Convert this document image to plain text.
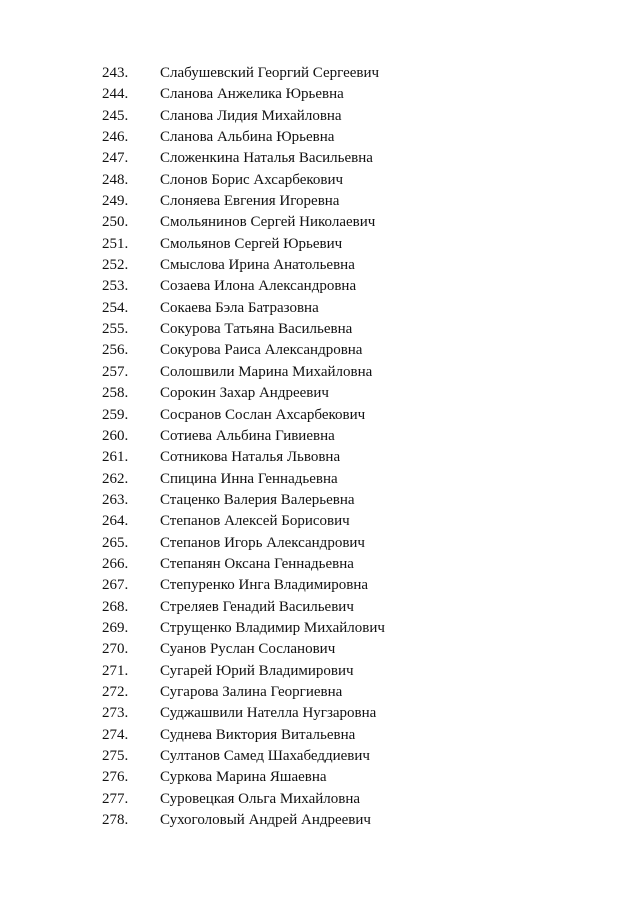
243. Слабушевский Георгий Сергеевич
244. Сланова Анжелика Юрьевна
245. Сланова Лидия Михайловна
246. Сланова Альбина Юрьевна
247. Сложенкина Наталья Васильевна
248. Слонов Борис Ахсарбекович
249. Слоняева Евгения Игоревна
250. Смольянинов Сергей Николаевич
251. Смольянов Сергей Юрьевич
252. Смыслова Ирина Анатольевна
253. Созаева Илона Александровна
254. Сокаева Бэла Батразовна
255. Сокурова Татьяна Васильевна
256. Сокурова Раиса Александровна
257. Солошвили Марина Михайловна
258. Сорокин Захар Андреевич
259. Сосранов Сослан Ахсарбекович
260. Сотиева Альбина Гивиевна
261. Сотникова Наталья Львовна
262. Спицина Инна Геннадьевна
263. Стаценко Валерия Валерьевна
264. Степанов Алексей Борисович
265. Степанов Игорь Александрович
266. Степанян Оксана Геннадьевна
267. Степуренко Инга Владимировна
268. Стреляев Генадий Васильевич
269. Струщенко Владимир Михайлович
270. Суанов Руслан Сосланович
271. Сугарей Юрий Владимирович
272. Сугарова Залина Георгиевна
273. Суджашвили Нателла Нугзаровна
274. Суднева Виктория Витальевна
275. Султанов Самед Шахабеддиевич
276. Суркова Марина Яшаевна
277. Суровецкая Ольга Михайловна
278. Сухоголовый Андрей Андреевич
